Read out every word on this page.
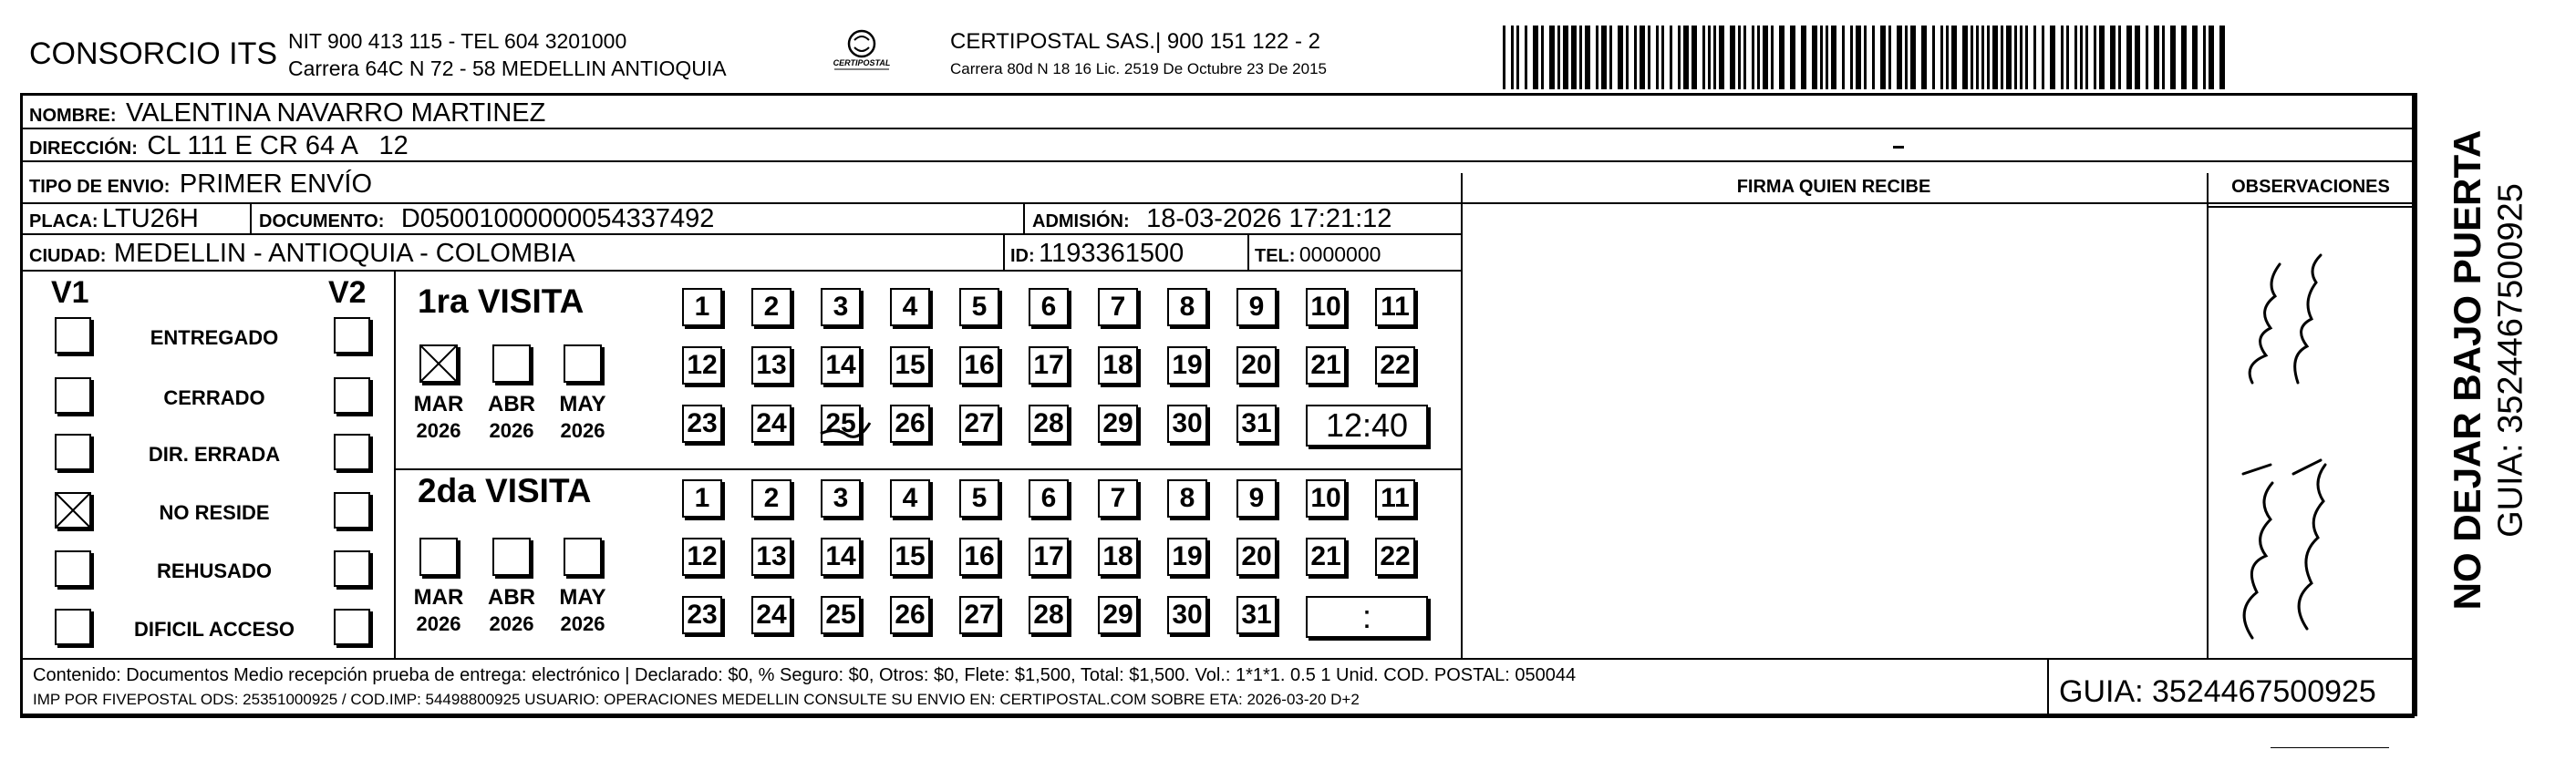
CONSORCIO ITS NIT 900 413 115 - TEL 604 3201000
Carrera 64C N 72 - 58 MEDELLIN ANTIOQUIA	CERTIPOSTAL
CERTIPOSTAL SAS.| 900 151 122 - 2
Carrera 80d N 18 16 Lic. 2519 De Octubre 23 De 2015
NOMBRE: VALENTINA NAVARRO MARTINEZ
DIRECCIÓN: CL 111 E CR 64 A   12
TIPO DE ENVIO: PRIMER ENVÍO	FIRMA QUIEN RECIBE	OBSERVACIONES
PLACA: LTU26H	DOCUMENTO: D05001000000054337492	ADMISIÓN: 18-03-2026 17:21:12
CIUDAD: MEDELLIN - ANTIOQUIA - COLOMBIA	ID: 1193361500	TEL: 0000000
V1	V2
ENTREGADO
CERRADO
DIR. ERRADA
NO RESIDE
REHUSADO
DIFICIL ACCESO
1ra VISITA
2da VISITA
MAR
2026
ABR
2026
MAY
2026
MAR
2026
ABR
2026
MAY
2026
1	2	3	4	5	6	7	8	9	10 11
12 13 14 15 16 17 18 19 20 21 22
23 24 25 26 27 28 29 30 31	12:40
1	2	3	4	5	6	7	8	9	10 11
12 13 14 15 16 17 18 19 20 21 22
23 24 25 26 27 28 29 30 31	:
Contenido: Documentos Medio recepción prueba de entrega: electrónico | Declarado: $0, % Seguro: $0, Otros: $0, Flete: $1,500, Total: $1,500. Vol.: 1*1*1. 0.5 1 Unid. COD. POSTAL: 050044
IMP POR FIVEPOSTAL ODS: 25351000925 / COD.IMP: 54498800925 USUARIO: OPERACIONES MEDELLIN CONSULTE SU ENVIO EN: CERTIPOSTAL.COM SOBRE ETA: 2026-03-20 D+2	GUIA: 3524467500925
NO DEJAR BAJO PUERTA GUIA: 3524467500925
